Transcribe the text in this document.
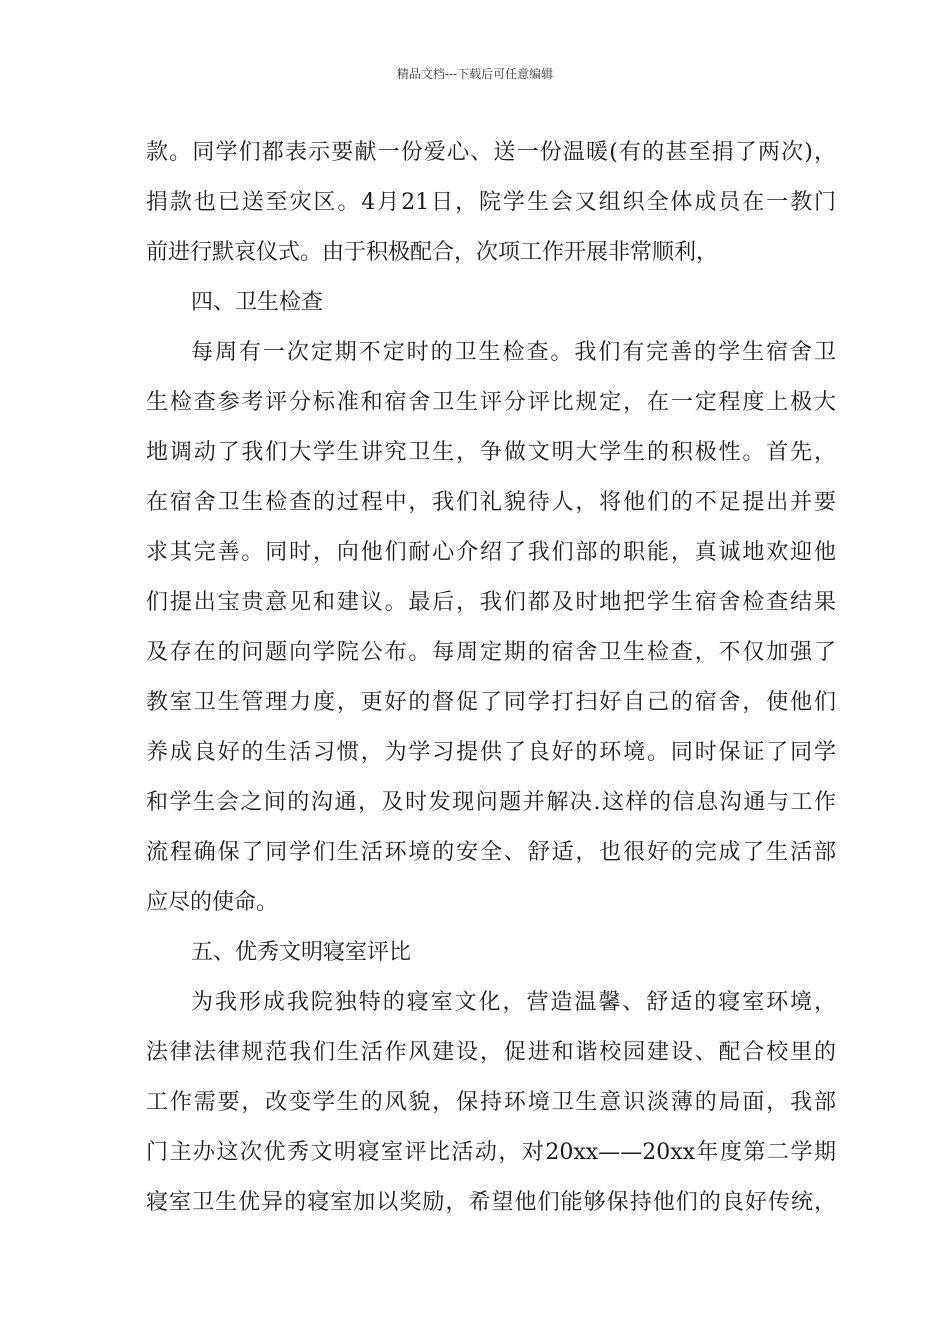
精品文档---下载后可任意编辑
款。同学们都表示要献一份爱心、送一份温暖(有的甚至捐了两次)，
捐款也已送至灾区。4月21日，院学生会又组织全体成员在一教门
前进行默哀仪式。由于积极配合，次项工作开展非常顺利，
四、卫生检查
每周有一次定期不定时的卫生检查。我们有完善的学生宿舍卫
生检查参考评分标准和宿舍卫生评分评比规定，在一定程度上极大
地调动了我们大学生讲究卫生，争做文明大学生的积极性。首先，
在宿舍卫生检查的过程中，我们礼貌待人，将他们的不足提出并要
求其完善。同时，向他们耐心介绍了我们部的职能，真诚地欢迎他
们提出宝贵意见和建议。最后，我们都及时地把学生宿舍检查结果
及存在的问题向学院公布。每周定期的宿舍卫生检查，不仅加强了
教室卫生管理力度，更好的督促了同学打扫好自己的宿舍，使他们
养成良好的生活习惯，为学习提供了良好的环境。同时保证了同学
和学生会之间的沟通，及时发现问题并解决.这样的信息沟通与工作
流程确保了同学们生活环境的安全、舒适，也很好的完成了生活部
应尽的使命。
五、优秀文明寝室评比
为我形成我院独特的寝室文化，营造温馨、舒适的寝室环境，
法律法律规范我们生活作风建设，促进和谐校园建设、配合校里的
工作需要，改变学生的风貌，保持环境卫生意识淡薄的局面，我部
门主办这次优秀文明寝室评比活动，对20xx——20xx年度第二学期
寝室卫生优异的寝室加以奖励，希望他们能够保持他们的良好传统，
